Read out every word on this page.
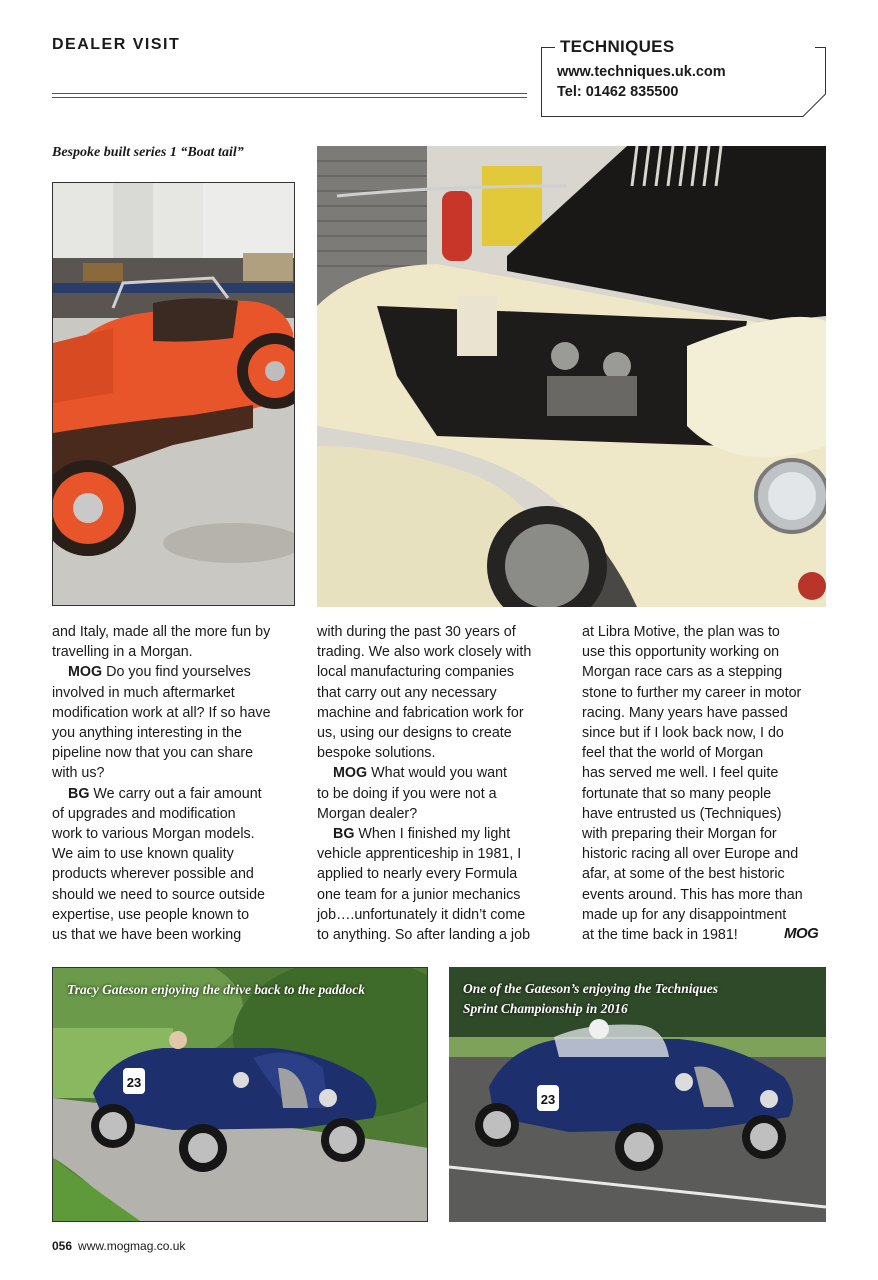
DEALER VISIT	TECHNIQUES
www.techniques.uk.com
Tel: 01462 835500
Bespoke built series 1 “Boat tail”
and Italy, made all the more fun by
travelling in a Morgan.
MOG Do you find yourselves
involved in much aftermarket
modification work at all? If so have
you anything interesting in the
pipeline now that you can share
with us?
BG We carry out a fair amount
of upgrades and modification
work to various Morgan models.
We aim to use known quality
products wherever possible and
should we need to source outside
expertise, use people known to
us that we have been working
with during the past 30 years of
trading. We also work closely with
local manufacturing companies
that carry out any necessary
machine and fabrication work for
us, using our designs to create
bespoke solutions.
MOG What would you want
to be doing if you were not a
Morgan dealer?
BG When I finished my light
vehicle apprenticeship in 1981, I
applied to nearly every Formula
one team for a junior mechanics
job….unfortunately it didn’t come
to anything. So after landing a job
at Libra Motive, the plan was to
use this opportunity working on
Morgan race cars as a stepping
stone to further my career in motor
racing. Many years have passed
since but if I look back now, I do
feel that the world of Morgan
has served me well. I feel quite
fortunate that so many people
have entrusted us (Techniques)
with preparing their Morgan for
historic racing all over Europe and
afar, at some of the best historic
events around. This has more than
made up for any disappointment
at the time back in 1981!	MOG
23
Tracy Gateson enjoying the drive back to the paddock
23
One of the Gateson’s enjoying the Techniques
Sprint Championship in 2016
056 www.mogmag.co.uk
